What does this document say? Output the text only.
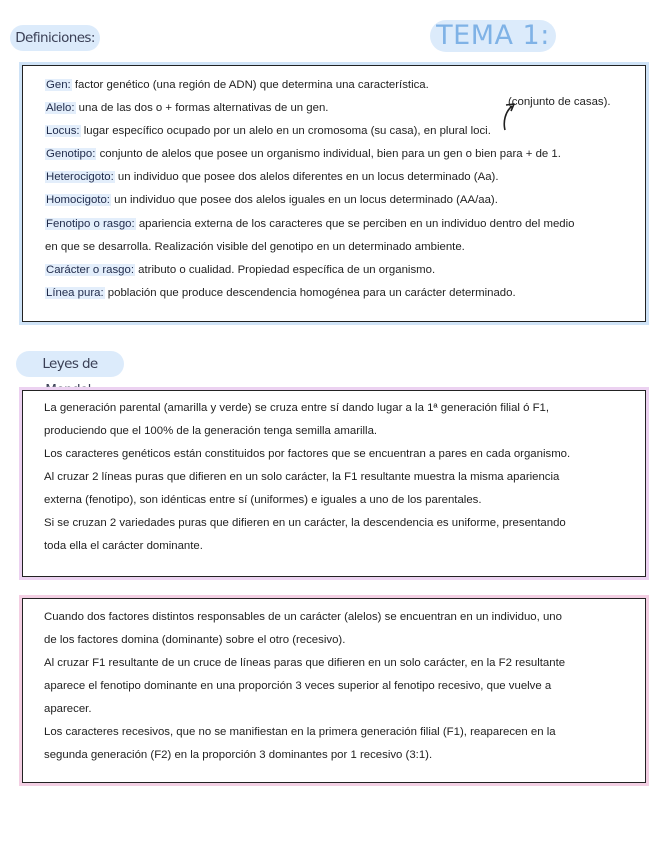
Definiciones:	TEMA 1:
Gen: factor genético (una región de ADN) que determina una característica.
Alelo: una de las dos o + formas alternativas de un gen.	(conjunto de casas).
Locus: lugar específico ocupado por un alelo en un cromosoma (su casa), en plural loci.
Genotipo: conjunto de alelos que posee un organismo individual, bien para un gen o bien para + de 1.
Heterocigoto: un individuo que posee dos alelos diferentes en un locus determinado (Aa).
Homocigoto: un individuo que posee dos alelos iguales en un locus determinado (AA/aa).
Fenotipo o rasgo: apariencia externa de los caracteres que se perciben en un individuo dentro del medio
en que se desarrolla. Realización visible del genotipo en un determinado ambiente.
Carácter o rasgo: atributo o cualidad. Propiedad específica de un organismo.
Línea pura: población que produce descendencia homogénea para un carácter determinado.
Leyes de
La generación parental (amarilla y verde) se cruza entre sí dando lugar a la 1ª generación filial ó F1,
produciendo que el 100% de la generación tenga semilla amarilla.
Los caracteres genéticos están constituidos por factores que se encuentran a pares en cada organismo.
Al cruzar 2 líneas puras que difieren en un solo carácter, la F1 resultante muestra la misma apariencia
externa (fenotipo), son idénticas entre sí (uniformes) e iguales a uno de los parentales.
Si se cruzan 2 variedades puras que difieren en un carácter, la descendencia es uniforme, presentando
toda ella el carácter dominante.
Cuando dos factores distintos responsables de un carácter (alelos) se encuentran en un individuo, uno
de los factores domina (dominante) sobre el otro (recesivo).
Al cruzar F1 resultante de un cruce de líneas paras que difieren en un solo carácter, en la F2 resultante
aparece el fenotipo dominante en una proporción 3 veces superior al fenotipo recesivo, que vuelve a
aparecer.
Los caracteres recesivos, que no se manifiestan en la primera generación filial (F1), reaparecen en la
segunda generación (F2) en la proporción 3 dominantes por 1 recesivo (3:1).
